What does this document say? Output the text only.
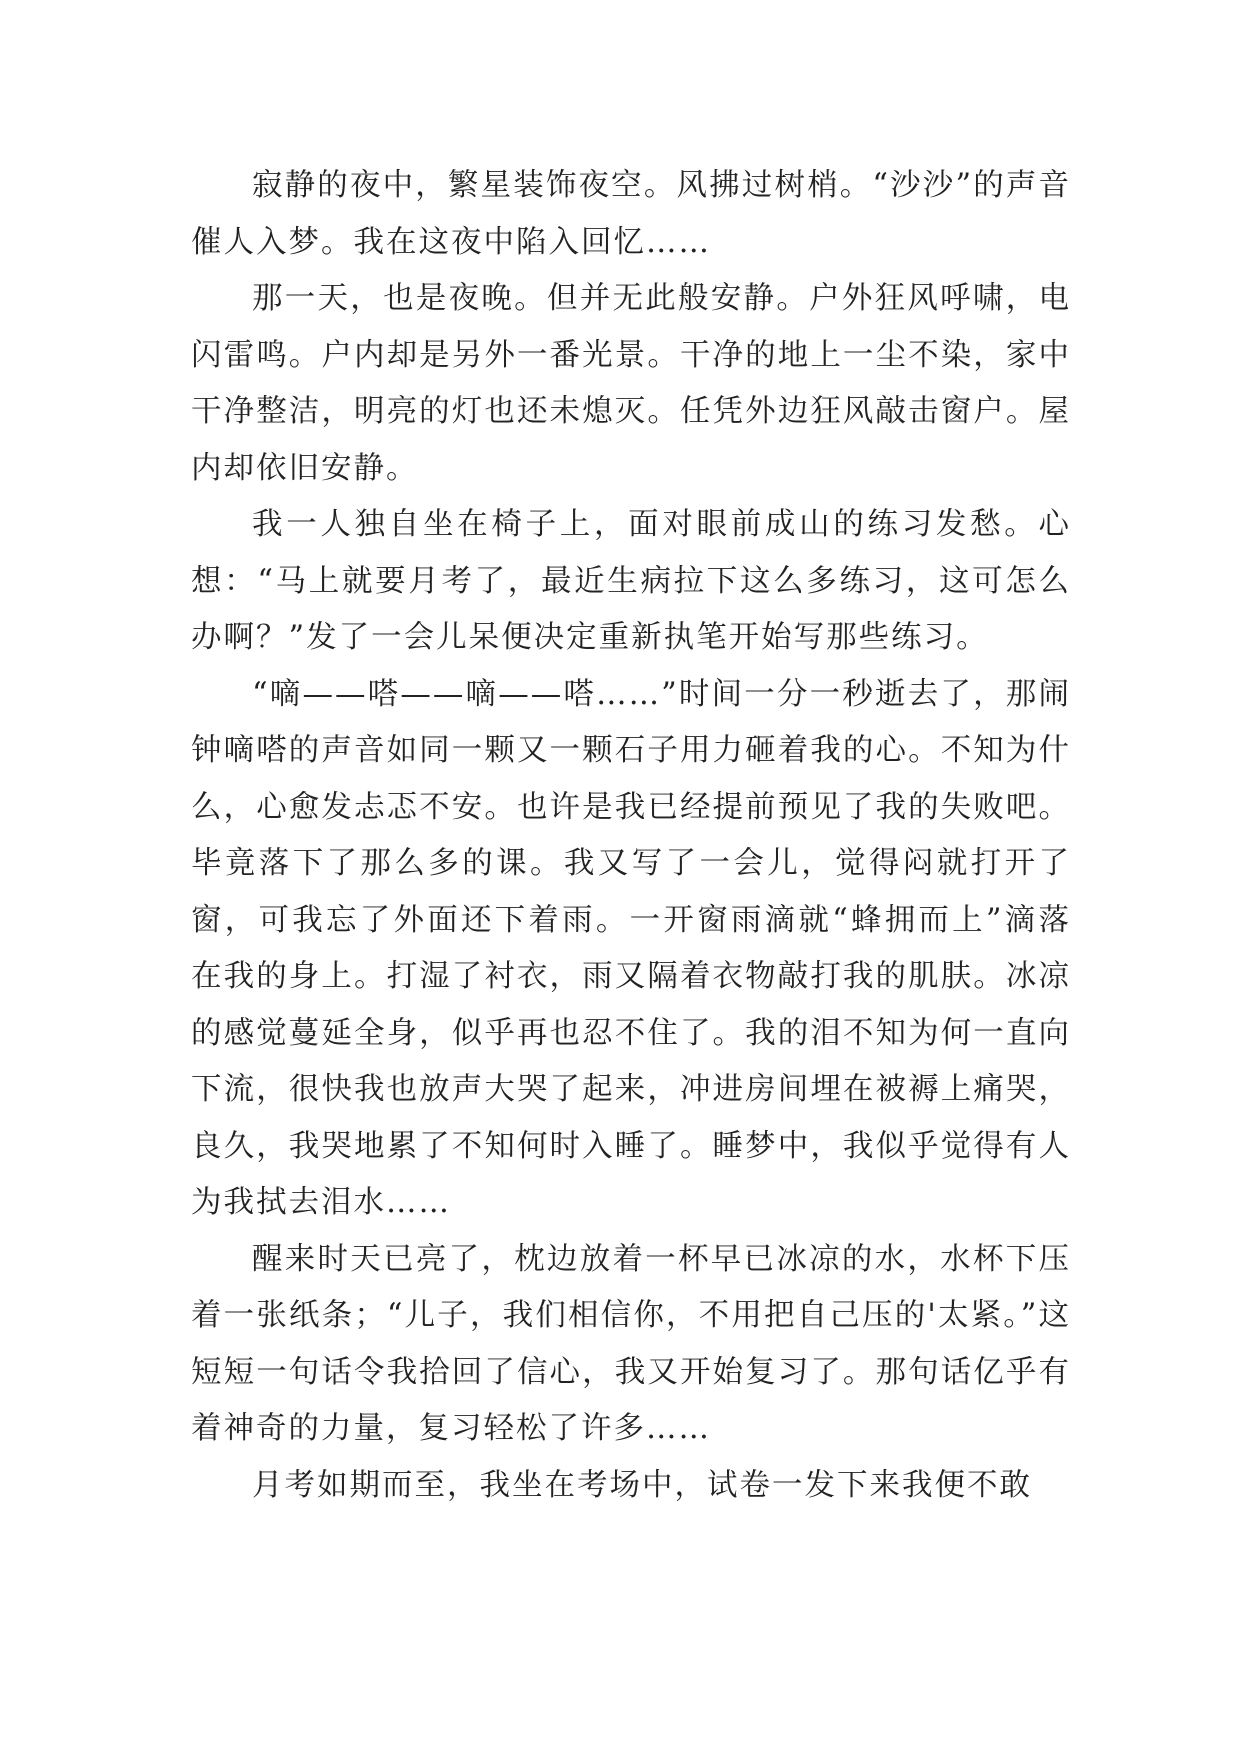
寂静的夜中，繁星装饰夜空。风拂过树梢。“沙沙”的声音催人入梦。我在这夜中陷入回忆……

那一天，也是夜晚。但并无此般安静。户外狂风呼啸，电闪雷鸣。户内却是另外一番光景。干净的地上一尘不染，家中干净整洁，明亮的灯也还未熄灭。任凭外边狂风敲击窗户。屋内却依旧安静。

我一人独自坐在椅子上，面对眼前成山的练习发愁。心想：“马上就要月考了，最近生病拉下这么多练习，这可怎么办啊？”发了一会儿呆便决定重新执笔开始写那些练习。

“嘀——嗒——嘀——嗒……”时间一分一秒逝去了，那闹钟嘀嗒的声音如同一颗又一颗石子用力砸着我的心。不知为什么，心愈发忐忑不安。也许是我已经提前预见了我的失败吧。毕竟落下了那么多的课。我又写了一会儿，觉得闷就打开了窗，可我忘了外面还下着雨。一开窗雨滴就“蜂拥而上”滴落在我的身上。打湿了衬衣，雨又隔着衣物敲打我的肌肤。冰凉的感觉蔓延全身，似乎再也忍不住了。我的泪不知为何一直向下流，很快我也放声大哭了起来，冲进房间埋在被褥上痛哭，良久，我哭地累了不知何时入睡了。睡梦中，我似乎觉得有人为我拭去泪水……

醒来时天已亮了，枕边放着一杯早已冰凉的水，水杯下压着一张纸条；“儿子，我们相信你，不用把自己压的'太紧。”这短短一句话令我拾回了信心，我又开始复习了。那句话亿乎有着神奇的力量，复习轻松了许多……

月考如期而至，我坐在考场中，试卷一发下来我便不敢
